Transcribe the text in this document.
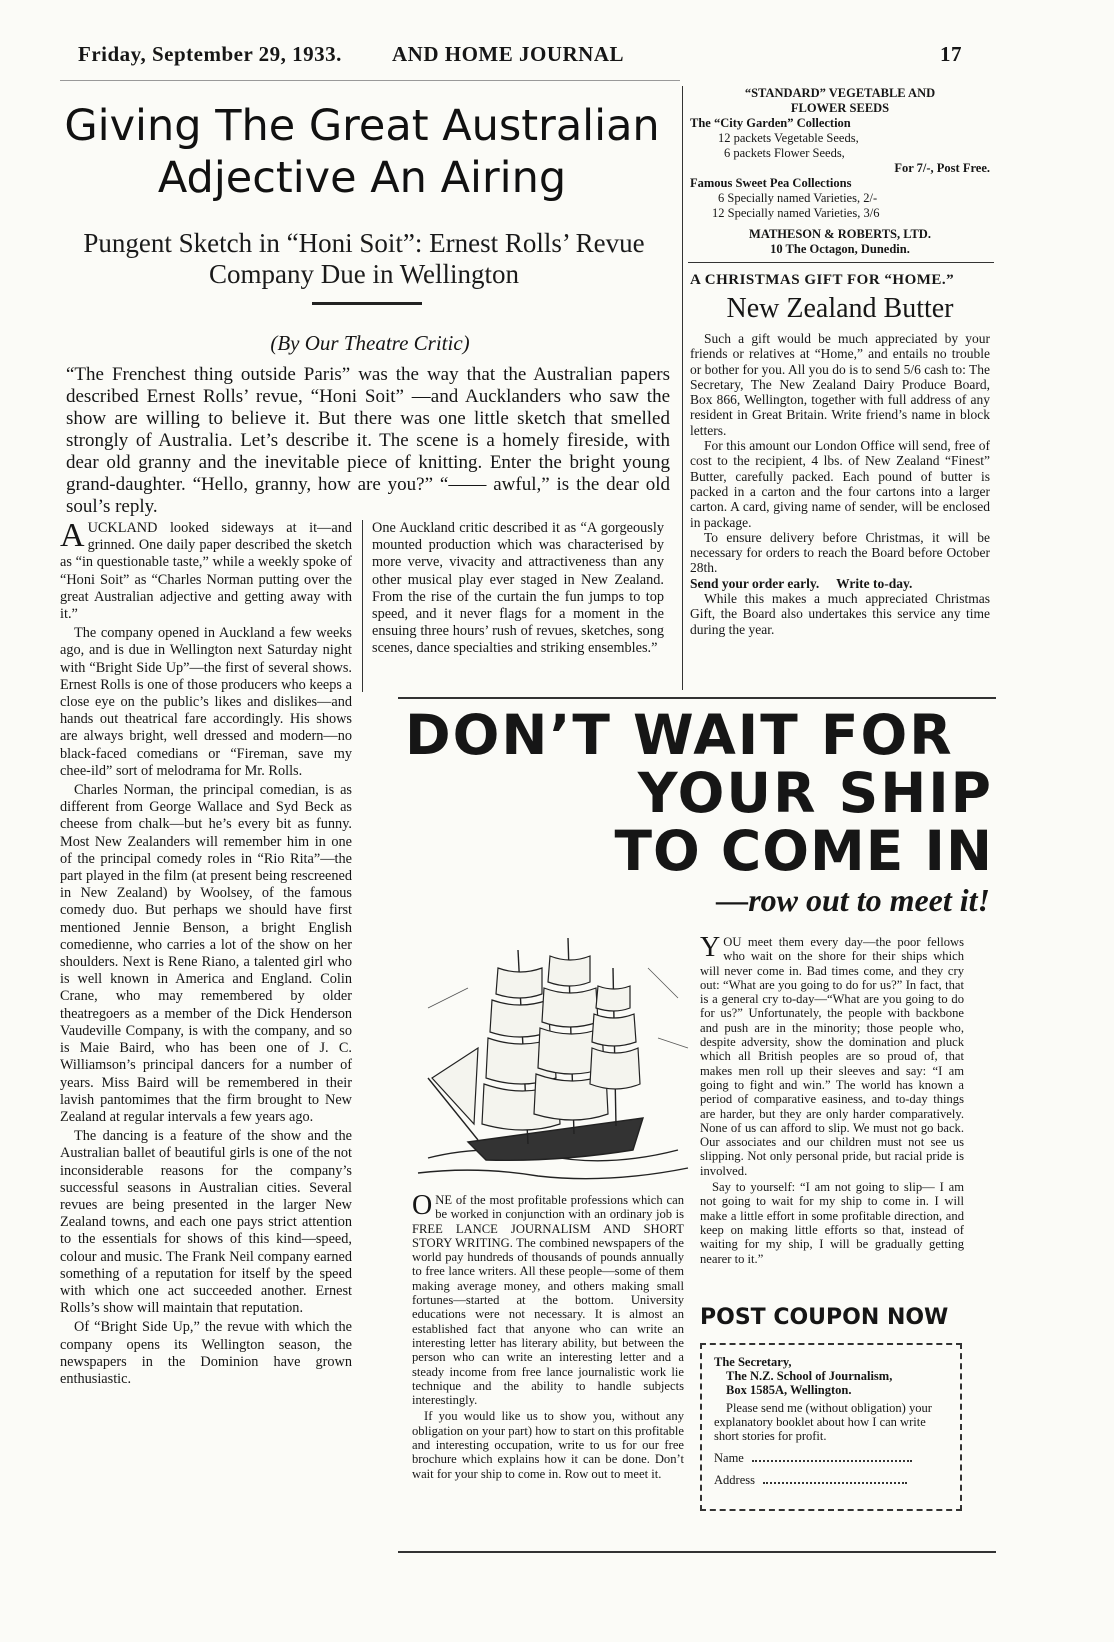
Friday, September 29, 1933. AND HOME JOURNAL	17
Giving The Great Australian Adjective An Airing
Pungent Sketch in “Honi Soit”: Ernest Rolls’ Revue Company Due in Wellington
(By Our Theatre Critic)
“The Frenchest thing outside Paris” was the way that the Australian papers described Ernest Rolls’ revue, “Honi Soit” —and Aucklanders who saw the show are willing to believe it. But there was one little sketch that smelled strongly of Australia. Let’s describe it. The scene is a homely fireside, with dear old granny and the inevitable piece of knitting. Enter the bright young grand-daughter. “Hello, granny, how are you?” “—— awful,” is the dear old soul’s reply.

AUCKLAND looked sideways at it—and grinned. One daily paper described the sketch as “in questionable taste,” while a weekly spoke of “Honi Soit” as “Charles Norman putting over the great Australian adjective and getting away with it.”

The company opened in Auckland a few weeks ago, and is due in Wellington next Saturday night with “Bright Side Up”—the first of several shows. Ernest Rolls is one of those producers who keeps a close eye on the public’s likes and dislikes—and hands out theatrical fare accordingly. His shows are always bright, well dressed and modern—no black-faced comedians or “Fireman, save my chee-ild” sort of melodrama for Mr. Rolls.

Charles Norman, the principal comedian, is as different from George Wallace and Syd Beck as cheese from chalk—but he’s every bit as funny. Most New Zealanders will remember him in one of the principal comedy roles in “Rio Rita”—the part played in the film (at present being rescreened in New Zealand) by Woolsey, of the famous comedy duo. But perhaps we should have first mentioned Jennie Benson, a bright English comedienne, who carries a lot of the show on her shoulders. Next is Rene Riano, a talented girl who is well known in America and England. Colin Crane, who may remembered by older theatregoers as a member of the Dick Henderson Vaudeville Company, is with the company, and so is Maie Baird, who has been one of J. C. Williamson’s principal dancers for a number of years. Miss Baird will be remembered in their lavish pantomimes that the firm brought to New Zealand at regular intervals a few years ago.

The dancing is a feature of the show and the Australian ballet of beautiful girls is one of the not inconsiderable reasons for the company’s successful seasons in Australian cities. Several revues are being presented in the larger New Zealand towns, and each one pays strict attention to the essentials for shows of this kind—speed, colour and music. The Frank Neil company earned something of a reputation for itself by the speed with which one act succeeded another. Ernest Rolls’s show will maintain that reputation.

Of “Bright Side Up,” the revue with which the company opens its Wellington season, the newspapers in the Dominion have grown enthusiastic.

One Auckland critic described it as “A gorgeously mounted production which was characterised by more verve, vivacity and attractiveness than any other musical play ever staged in New Zealand. From the rise of the curtain the fun jumps to top speed, and it never flags for a moment in the ensuing three hours’ rush of revues, sketches, song scenes, dance specialties and striking ensembles.”

“STANDARD” VEGETABLE AND
FLOWER SEEDS
The “City Garden” Collection
12 packets Vegetable Seeds,
6 packets Flower Seeds,
For 7/-, Post Free.
Famous Sweet Pea Collections
6 Specially named Varieties, 2/-
12 Specially named Varieties, 3/6
MATHESON & ROBERTS, LTD.
10 The Octagon, Dunedin.
A CHRISTMAS GIFT FOR “HOME.”
New Zealand Butter

Such a gift would be much appreciated by your friends or relatives at “Home,” and entails no trouble or bother for you. All you do is to send 5/6 cash to: The Secretary, The New Zealand Dairy Produce Board, Box 866, Wellington, together with full address of any resident in Great Britain. Write friend’s name in block letters.

For this amount our London Office will send, free of cost to the recipient, 4 lbs. of New Zealand “Finest” Butter, carefully packed. Each pound of butter is packed in a carton and the four cartons into a larger carton. A card, giving name of sender, will be enclosed in package.

To ensure delivery before Christmas, it will be necessary for orders to reach the Board before October 28th.

Send your order early. Write to-day.

While this makes a much appreciated Christmas Gift, the Board also undertakes this service any time during the year.

DON’T WAIT FOR
YOUR SHIP
TO COME IN
—row out to meet it!

YOU meet them every day—the poor fellows who wait on the shore for their ships which will never come in. Bad times come, and they cry out: “What are you going to do for us?” In fact, that is a general cry to-day—“What are you going to do for us?” Unfortunately, the people with backbone and push are in the minority; those people who, despite adversity, show the domination and pluck which all British peoples are so proud of, that makes men roll up their sleeves and say: “I am going to fight and win.” The world has known a period of comparative easiness, and to-day things are harder, but they are only harder comparatively. None of us can afford to slip. We must not go back. Our associates and our children must not see us slipping. Not only personal pride, but racial pride is involved.

Say to yourself: “I am not going to slip— I am not going to wait for my ship to come in. I will make a little effort in some profitable direction, and keep on making little efforts so that, instead of waiting for my ship, I will be gradually getting nearer to it.”

ONE of the most profitable professions which can be worked in conjunction with an ordinary job is FREE LANCE JOURNALISM AND SHORT STORY WRITING. The combined newspapers of the world pay hundreds of thousands of pounds annually to free lance writers. All these people—some of them making average money, and others making small fortunes—started at the bottom. University educations were not necessary. It is almost an established fact that anyone who can write an interesting letter has literary ability, but between the person who can write an interesting letter and a steady income from free lance journalistic work lie technique and the ability to handle subjects interestingly.

If you would like us to show you, without any obligation on your part) how to start on this profitable and interesting occupation, write to us for our free brochure which explains how it can be done. Don’t wait for your ship to come in. Row out to meet it.

POST COUPON NOW
The Secretary,
The N.Z. School of Journalism,
Box 1585A, Wellington.
Please send me (without obligation) your explanatory booklet about how I can write short stories for profit.
Name
Address
